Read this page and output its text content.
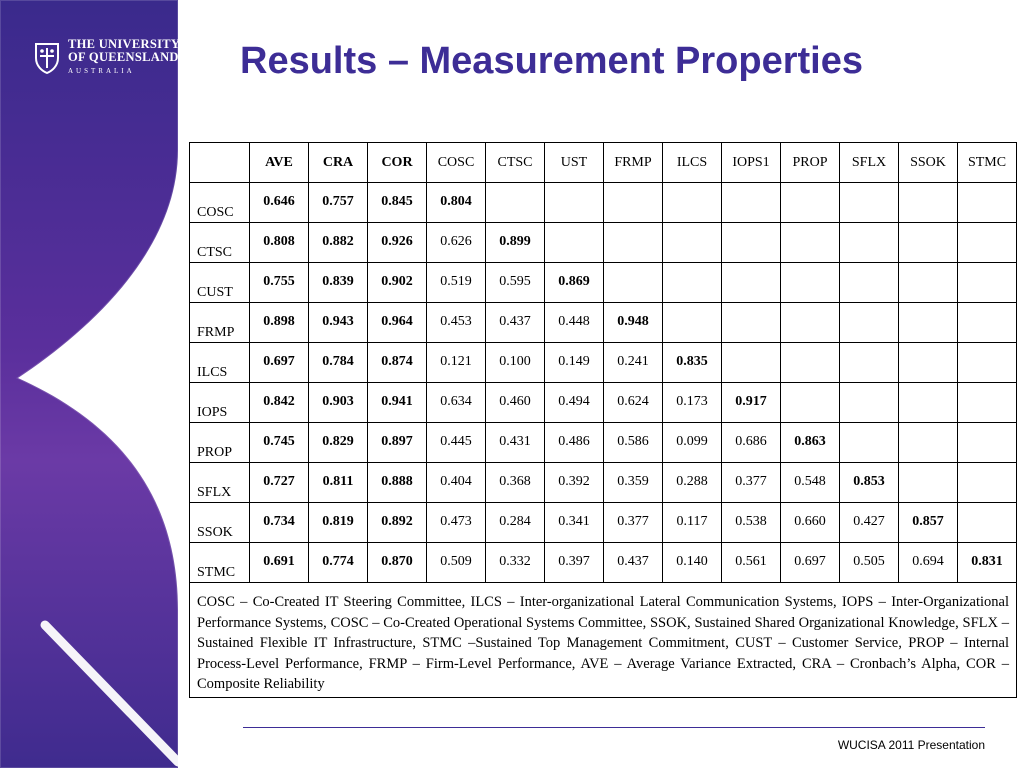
THE UNIVERSITY
OF QUEENSLAND
AUSTRALIA	Results – Measurement Properties
	AVE	CRA	COR	COSC	CTSC	UST	FRMP	ILCS	IOPS1	PROP	SFLX	SSOK	STMC
COSC	0.646	0.757	0.845	0.804									
CTSC	0.808	0.882	0.926	0.626	0.899								
CUST	0.755	0.839	0.902	0.519	0.595	0.869							
FRMP	0.898	0.943	0.964	0.453	0.437	0.448	0.948						
ILCS	0.697	0.784	0.874	0.121	0.100	0.149	0.241	0.835					
IOPS	0.842	0.903	0.941	0.634	0.460	0.494	0.624	0.173	0.917				
PROP	0.745	0.829	0.897	0.445	0.431	0.486	0.586	0.099	0.686	0.863			
SFLX	0.727	0.811	0.888	0.404	0.368	0.392	0.359	0.288	0.377	0.548	0.853		
SSOK	0.734	0.819	0.892	0.473	0.284	0.341	0.377	0.117	0.538	0.660	0.427	0.857	
STMC	0.691	0.774	0.870	0.509	0.332	0.397	0.437	0.140	0.561	0.697	0.505	0.694	0.831
COSC – Co-Created IT Steering Committee, ILCS – Inter-organizational Lateral Communication Systems, IOPS – Inter-Organizational Performance Systems, COSC – Co-Created Operational Systems Committee, SSOK, Sustained Shared Organizational Knowledge, SFLX – Sustained Flexible IT Infrastructure, STMC –Sustained Top Management Commitment, CUST – Customer Service, PROP – Internal Process-Level Performance, FRMP – Firm-Level Performance, AVE – Average Variance Extracted, CRA – Cronbach’s Alpha, COR – Composite Reliability													
WUCISA 2011 Presentation
